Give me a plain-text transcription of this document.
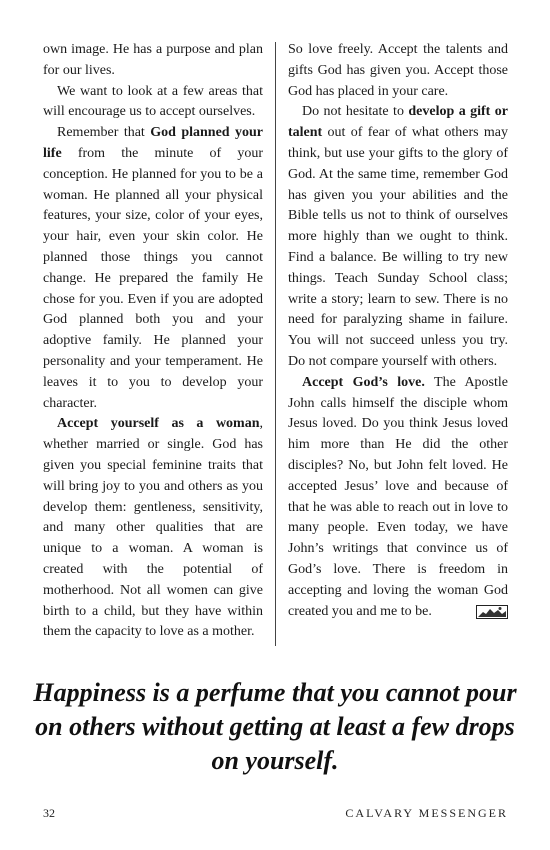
own image. He has a purpose and plan for our lives.

We want to look at a few areas that will encourage us to accept ourselves.

Remember that God planned your life from the minute of your conception. He planned for you to be a woman. He planned all your physical features, your size, color of your eyes, your hair, even your skin color. He planned those things you cannot change. He prepared the family He chose for you. Even if you are adopted God planned both you and your adoptive family. He planned your personality and your temperament. He leaves it to you to develop your character.

Accept yourself as a woman, whether married or single. God has given you special feminine traits that will bring joy to you and others as you develop them: gentleness, sensitivity, and many other qualities that are unique to a woman. A woman is created with the potential of motherhood. Not all women can give birth to a child, but they have within them the capacity to love as a mother.

So love freely. Accept the talents and gifts God has given you. Accept those God has placed in your care.

Do not hesitate to develop a gift or talent out of fear of what others may think, but use your gifts to the glory of God. At the same time, remember God has given you your abilities and the Bible tells us not to think of ourselves more highly than we ought to think. Find a balance. Be willing to try new things. Teach Sunday School class; write a story; learn to sew. There is no need for paralyzing shame in failure. You will not succeed unless you try. Do not compare yourself with others.

Accept God’s love. The Apostle John calls himself the disciple whom Jesus loved. Do you think Jesus loved him more than He did the other disciples? No, but John felt loved. He accepted Jesus’ love and because of that he was able to reach out in love to many people. Even today, we have John’s writings that convince us of God’s love. There is freedom in accepting and loving the woman God created you and me to be.

Happiness is a perfume that you cannot pour on others without getting at least a few drops on yourself.
32	CALVARY MESSENGER
